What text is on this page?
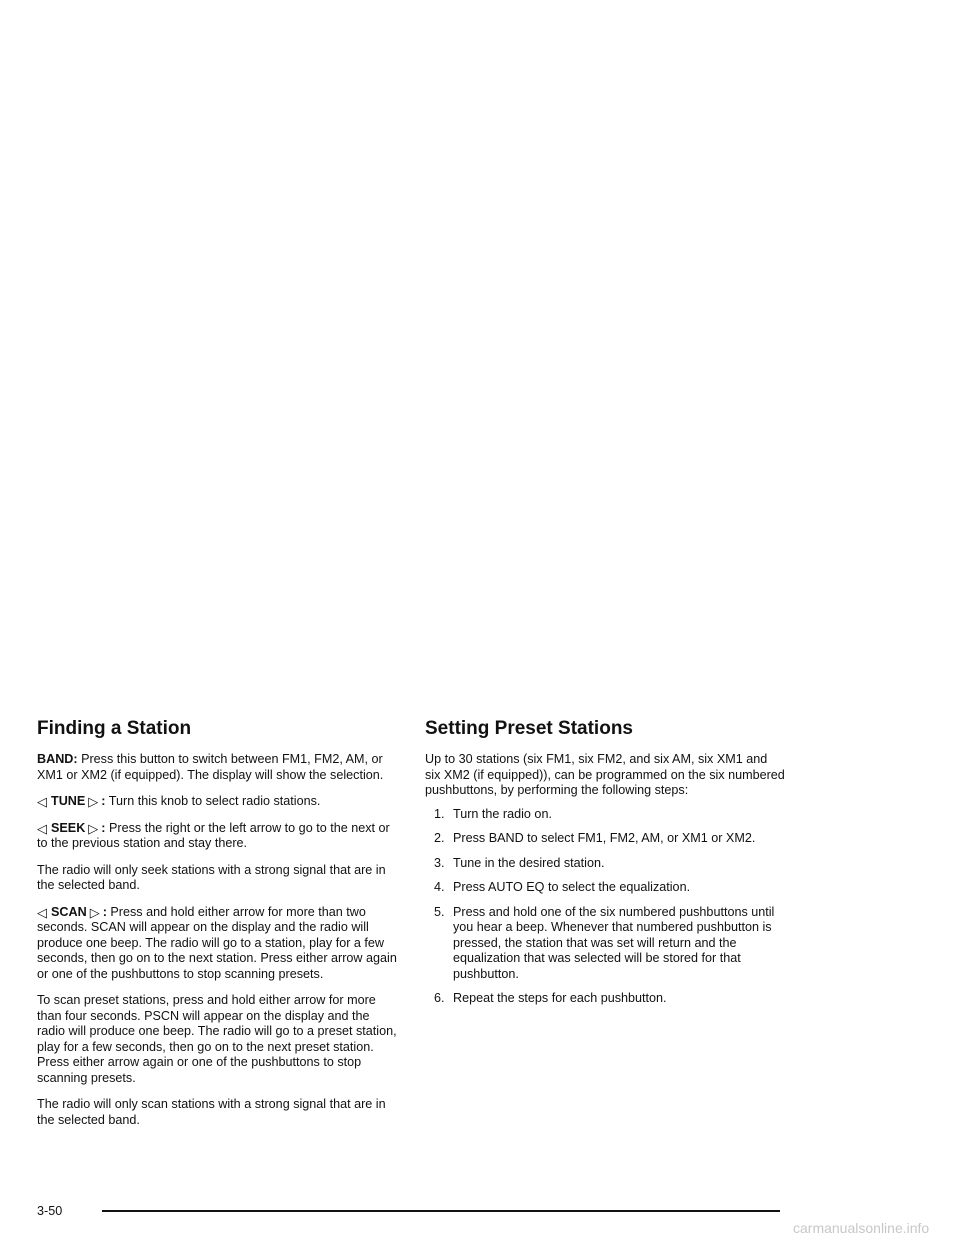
Finding a Station

BAND: Press this button to switch between FM1, FM2, AM, or XM1 or XM2 (if equipped). The display will show the selection.

◁ TUNE ▷ : Turn this knob to select radio stations.

◁ SEEK ▷ : Press the right or the left arrow to go to the next or to the previous station and stay there.

The radio will only seek stations with a strong signal that are in the selected band.

◁ SCAN ▷ : Press and hold either arrow for more than two seconds. SCAN will appear on the display and the radio will produce one beep. The radio will go to a station, play for a few seconds, then go on to the next station. Press either arrow again or one of the pushbuttons to stop scanning presets.

To scan preset stations, press and hold either arrow for more than four seconds. PSCN will appear on the display and the radio will produce one beep. The radio will go to a preset station, play for a few seconds, then go on to the next preset station. Press either arrow again or one of the pushbuttons to stop scanning presets.

The radio will only scan stations with a strong signal that are in the selected band.

Setting Preset Stations

Up to 30 stations (six FM1, six FM2, and six AM, six XM1 and six XM2 (if equipped)), can be programmed on the six numbered pushbuttons, by performing the following steps:

1. Turn the radio on.
2. Press BAND to select FM1, FM2, AM, or XM1 or XM2.
3. Tune in the desired station.
4. Press AUTO EQ to select the equalization.
5. Press and hold one of the six numbered pushbuttons until you hear a beep. Whenever that numbered pushbutton is pressed, the station that was set will return and the equalization that was selected will be stored for that pushbutton.
6. Repeat the steps for each pushbutton.
3-50
carmanualsonline.info
